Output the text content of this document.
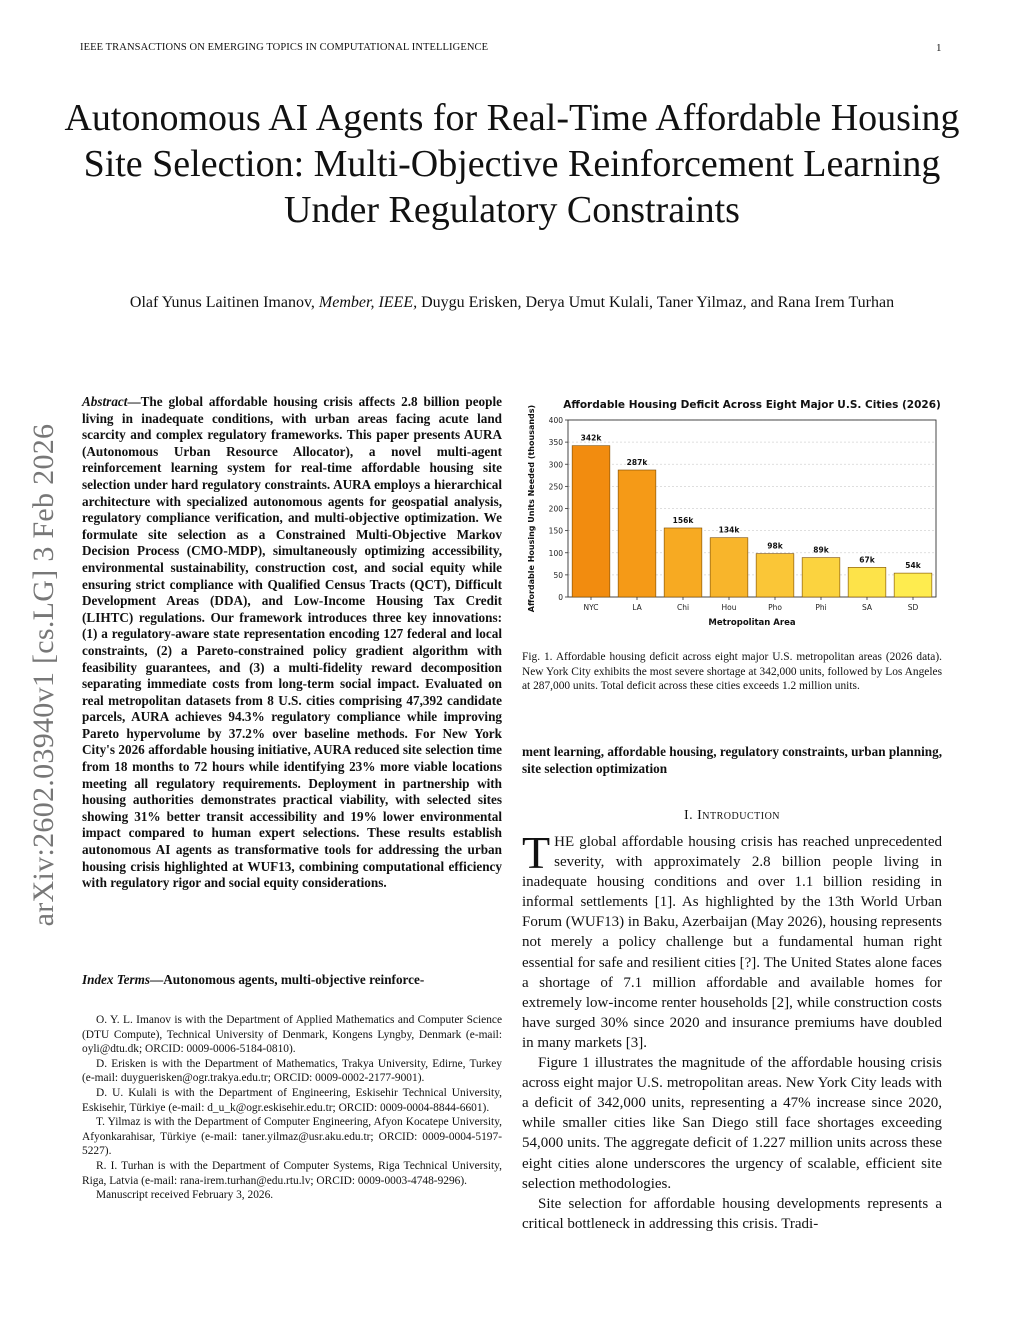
IEEE TRANSACTIONS ON EMERGING TOPICS IN COMPUTATIONAL INTELLIGENCE	1
Autonomous AI Agents for Real-Time Affordable Housing Site Selection: Multi-Objective Reinforcement Learning Under Regulatory Constraints
Olaf Yunus Laitinen Imanov, Member, IEEE, Duygu Erisken, Derya Umut Kulali, Taner Yilmaz, and Rana Irem Turhan
arXiv:2602.03940v1 [cs.LG] 3 Feb 2026
Abstract—The global affordable housing crisis affects 2.8 billion people living in inadequate conditions, with urban areas facing acute land scarcity and complex regulatory frameworks. This paper presents AURA (Autonomous Urban Resource Allocator), a novel multi-agent reinforcement learning system for real-time affordable housing site selection under hard regulatory constraints. AURA employs a hierarchical architecture with specialized autonomous agents for geospatial analysis, regulatory compliance verification, and multi-objective optimization. We formulate site selection as a Constrained Multi-Objective Markov Decision Process (CMO-MDP), simultaneously optimizing accessibility, environmental sustainability, construction cost, and social equity while ensuring strict compliance with Qualified Census Tracts (QCT), Difficult Development Areas (DDA), and Low-Income Housing Tax Credit (LIHTC) regulations. Our framework introduces three key innovations: (1) a regulatory-aware state representation encoding 127 federal and local constraints, (2) a Pareto-constrained policy gradient algorithm with feasibility guarantees, and (3) a multi-fidelity reward decomposition separating immediate costs from long-term social impact. Evaluated on real metropolitan datasets from 8 U.S. cities comprising 47,392 candidate parcels, AURA achieves 94.3% regulatory compliance while improving Pareto hypervolume by 37.2% over baseline methods. For New York City's 2026 affordable housing initiative, AURA reduced site selection time from 18 months to 72 hours while identifying 23% more viable locations meeting all regulatory requirements. Deployment in partnership with housing authorities demonstrates practical viability, with selected sites showing 31% better transit accessibility and 19% lower environmental impact compared to human expert selections. These results establish autonomous AI agents as transformative tools for addressing the urban housing crisis highlighted at WUF13, combining computational efficiency with regulatory rigor and social equity considerations.
Index Terms—Autonomous agents, multi-objective reinforce-

O. Y. L. Imanov is with the Department of Applied Mathematics and Computer Science (DTU Compute), Technical University of Denmark, Kongens Lyngby, Denmark (e-mail: oyli@dtu.dk; ORCID: 0009-0006-5184-0810).

D. Erisken is with the Department of Mathematics, Trakya University, Edirne, Turkey (e-mail: duyguerisken@ogr.trakya.edu.tr; ORCID: 0009-0002-2177-9001).

D. U. Kulali is with the Department of Engineering, Eskisehir Technical University, Eskisehir, Türkiye (e-mail: d_u_k@ogr.eskisehir.edu.tr; ORCID: 0009-0004-8844-6601).

T. Yilmaz is with the Department of Computer Engineering, Afyon Kocatepe University, Afyonkarahisar, Türkiye (e-mail: taner.yilmaz@usr.aku.edu.tr; ORCID: 0009-0004-5197-5227).

R. I. Turhan is with the Department of Computer Systems, Riga Technical University, Riga, Latvia (e-mail: rana-irem.turhan@edu.rtu.lv; ORCID: 0009-0003-4748-9296).

Manuscript received February 3, 2026.

Affordable Housing Deficit Across Eight Major U.S. Cities (2026)
0
50
100
150
200
250
300
350
400
342k
NYC
287k
LA
156k
Chi
134k
Hou
98k
Pho
89k
Phi
67k
SA
54k
SD
Metropolitan Area
Affordable Housing Units Needed (thousands)
Fig. 1. Affordable housing deficit across eight major U.S. metropolitan areas (2026 data). New York City exhibits the most severe shortage at 342,000 units, followed by Los Angeles at 287,000 units. Total deficit across these cities exceeds 1.2 million units.
ment learning, affordable housing, regulatory constraints, urban planning, site selection optimization
I. Introduction

THE global affordable housing crisis has reached unprecedented severity, with approximately 2.8 billion people living in inadequate housing conditions and over 1.1 billion residing in informal settlements [1]. As highlighted by the 13th World Urban Forum (WUF13) in Baku, Azerbaijan (May 2026), housing represents not merely a policy challenge but a fundamental human right essential for safe and resilient cities [?]. The United States alone faces a shortage of 7.1 million affordable and available homes for extremely low-income renter households [2], while construction costs have surged 30% since 2020 and insurance premiums have doubled in many markets [3].

Figure 1 illustrates the magnitude of the affordable housing crisis across eight major U.S. metropolitan areas. New York City leads with a deficit of 342,000 units, representing a 47% increase since 2020, while smaller cities like San Diego still face shortages exceeding 54,000 units. The aggregate deficit of 1.227 million units across these eight cities alone underscores the urgency of scalable, efficient site selection methodologies.

Site selection for affordable housing developments represents a critical bottleneck in addressing this crisis. Tradi-
